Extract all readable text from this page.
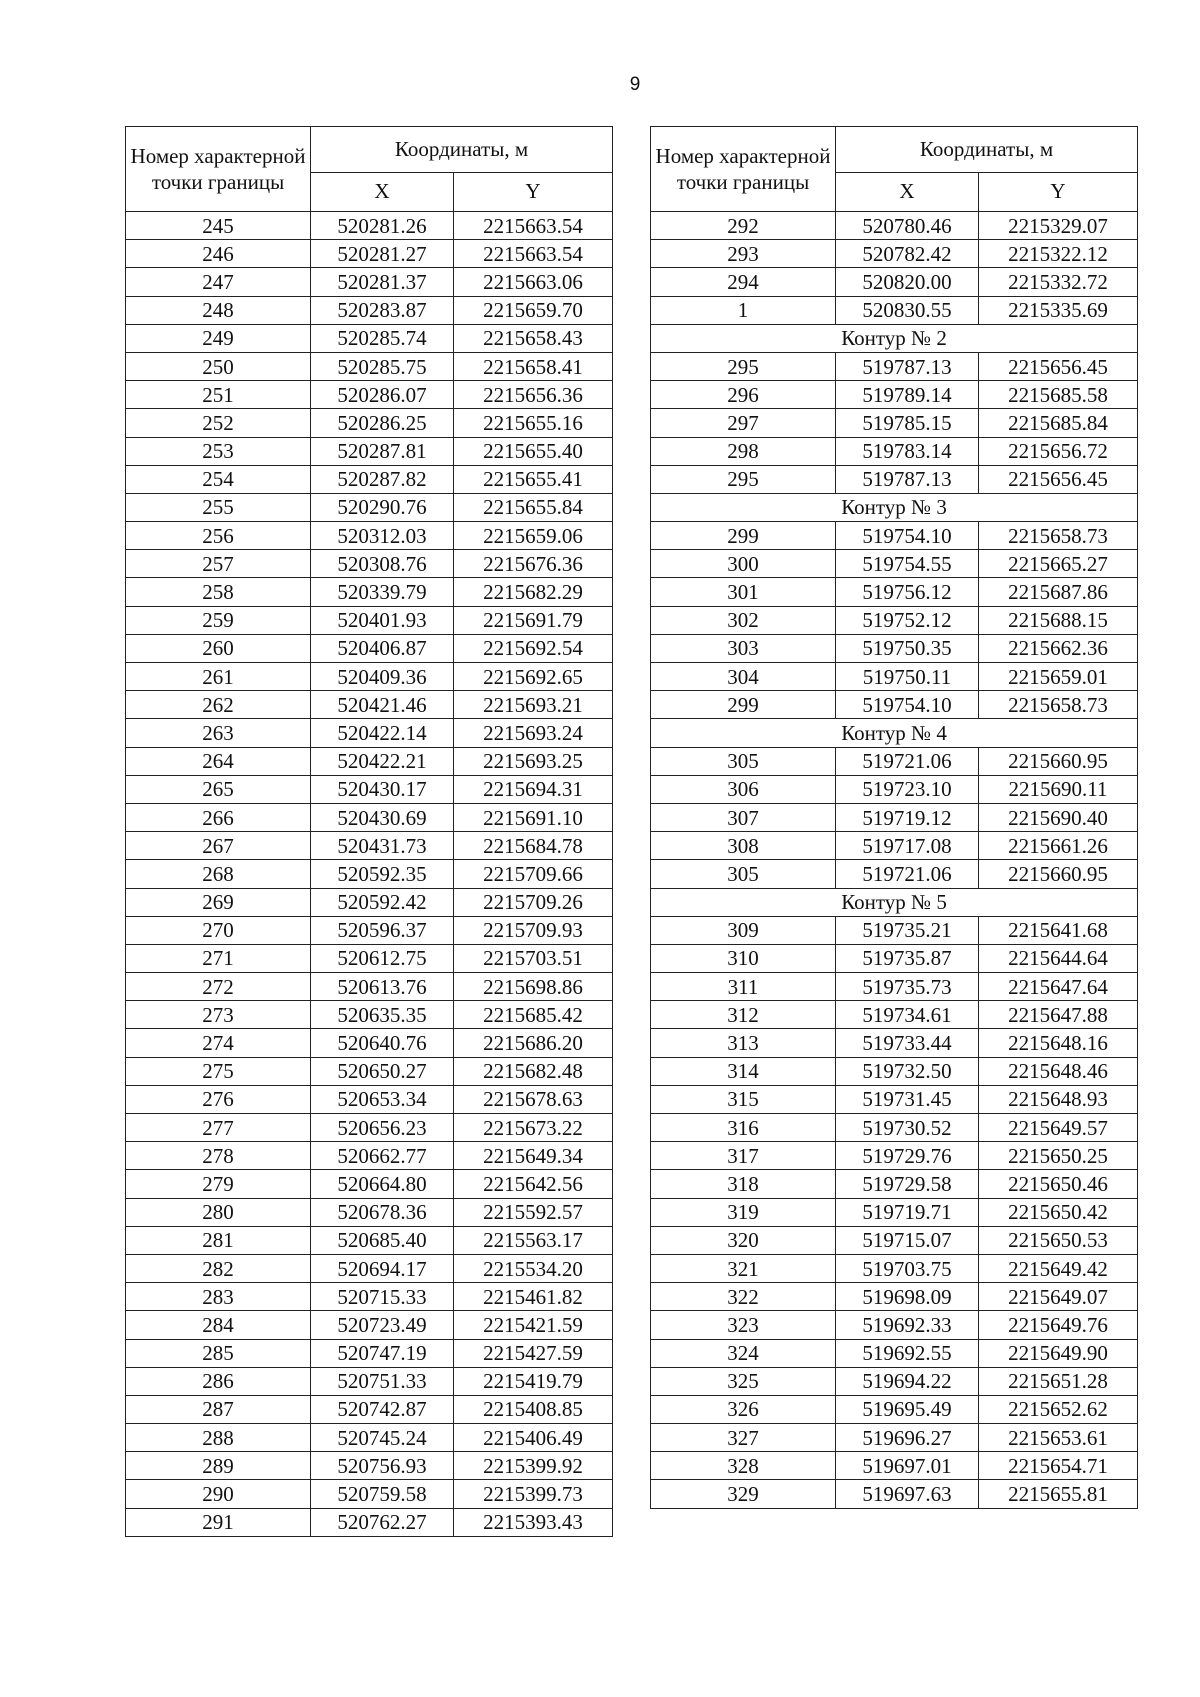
9
Номер характерной точки границы	Координаты, м	
	X	Y
245	520281.26	2215663.54
246	520281.27	2215663.54
247	520281.37	2215663.06
248	520283.87	2215659.70
249	520285.74	2215658.43
250	520285.75	2215658.41
251	520286.07	2215656.36
252	520286.25	2215655.16
253	520287.81	2215655.40
254	520287.82	2215655.41
255	520290.76	2215655.84
256	520312.03	2215659.06
257	520308.76	2215676.36
258	520339.79	2215682.29
259	520401.93	2215691.79
260	520406.87	2215692.54
261	520409.36	2215692.65
262	520421.46	2215693.21
263	520422.14	2215693.24
264	520422.21	2215693.25
265	520430.17	2215694.31
266	520430.69	2215691.10
267	520431.73	2215684.78
268	520592.35	2215709.66
269	520592.42	2215709.26
270	520596.37	2215709.93
271	520612.75	2215703.51
272	520613.76	2215698.86
273	520635.35	2215685.42
274	520640.76	2215686.20
275	520650.27	2215682.48
276	520653.34	2215678.63
277	520656.23	2215673.22
278	520662.77	2215649.34
279	520664.80	2215642.56
280	520678.36	2215592.57
281	520685.40	2215563.17
282	520694.17	2215534.20
283	520715.33	2215461.82
284	520723.49	2215421.59
285	520747.19	2215427.59
286	520751.33	2215419.79
287	520742.87	2215408.85
288	520745.24	2215406.49
289	520756.93	2215399.92
290	520759.58	2215399.73
291	520762.27	2215393.43
Номер характерной точки границы	Координаты, м	
	X	Y
292	520780.46	2215329.07
293	520782.42	2215322.12
294	520820.00	2215332.72
1	520830.55	2215335.69
Контур № 2		
295	519787.13	2215656.45
296	519789.14	2215685.58
297	519785.15	2215685.84
298	519783.14	2215656.72
295	519787.13	2215656.45
Контур № 3		
299	519754.10	2215658.73
300	519754.55	2215665.27
301	519756.12	2215687.86
302	519752.12	2215688.15
303	519750.35	2215662.36
304	519750.11	2215659.01
299	519754.10	2215658.73
Контур № 4		
305	519721.06	2215660.95
306	519723.10	2215690.11
307	519719.12	2215690.40
308	519717.08	2215661.26
305	519721.06	2215660.95
Контур № 5		
309	519735.21	2215641.68
310	519735.87	2215644.64
311	519735.73	2215647.64
312	519734.61	2215647.88
313	519733.44	2215648.16
314	519732.50	2215648.46
315	519731.45	2215648.93
316	519730.52	2215649.57
317	519729.76	2215650.25
318	519729.58	2215650.46
319	519719.71	2215650.42
320	519715.07	2215650.53
321	519703.75	2215649.42
322	519698.09	2215649.07
323	519692.33	2215649.76
324	519692.55	2215649.90
325	519694.22	2215651.28
326	519695.49	2215652.62
327	519696.27	2215653.61
328	519697.01	2215654.71
329	519697.63	2215655.81
